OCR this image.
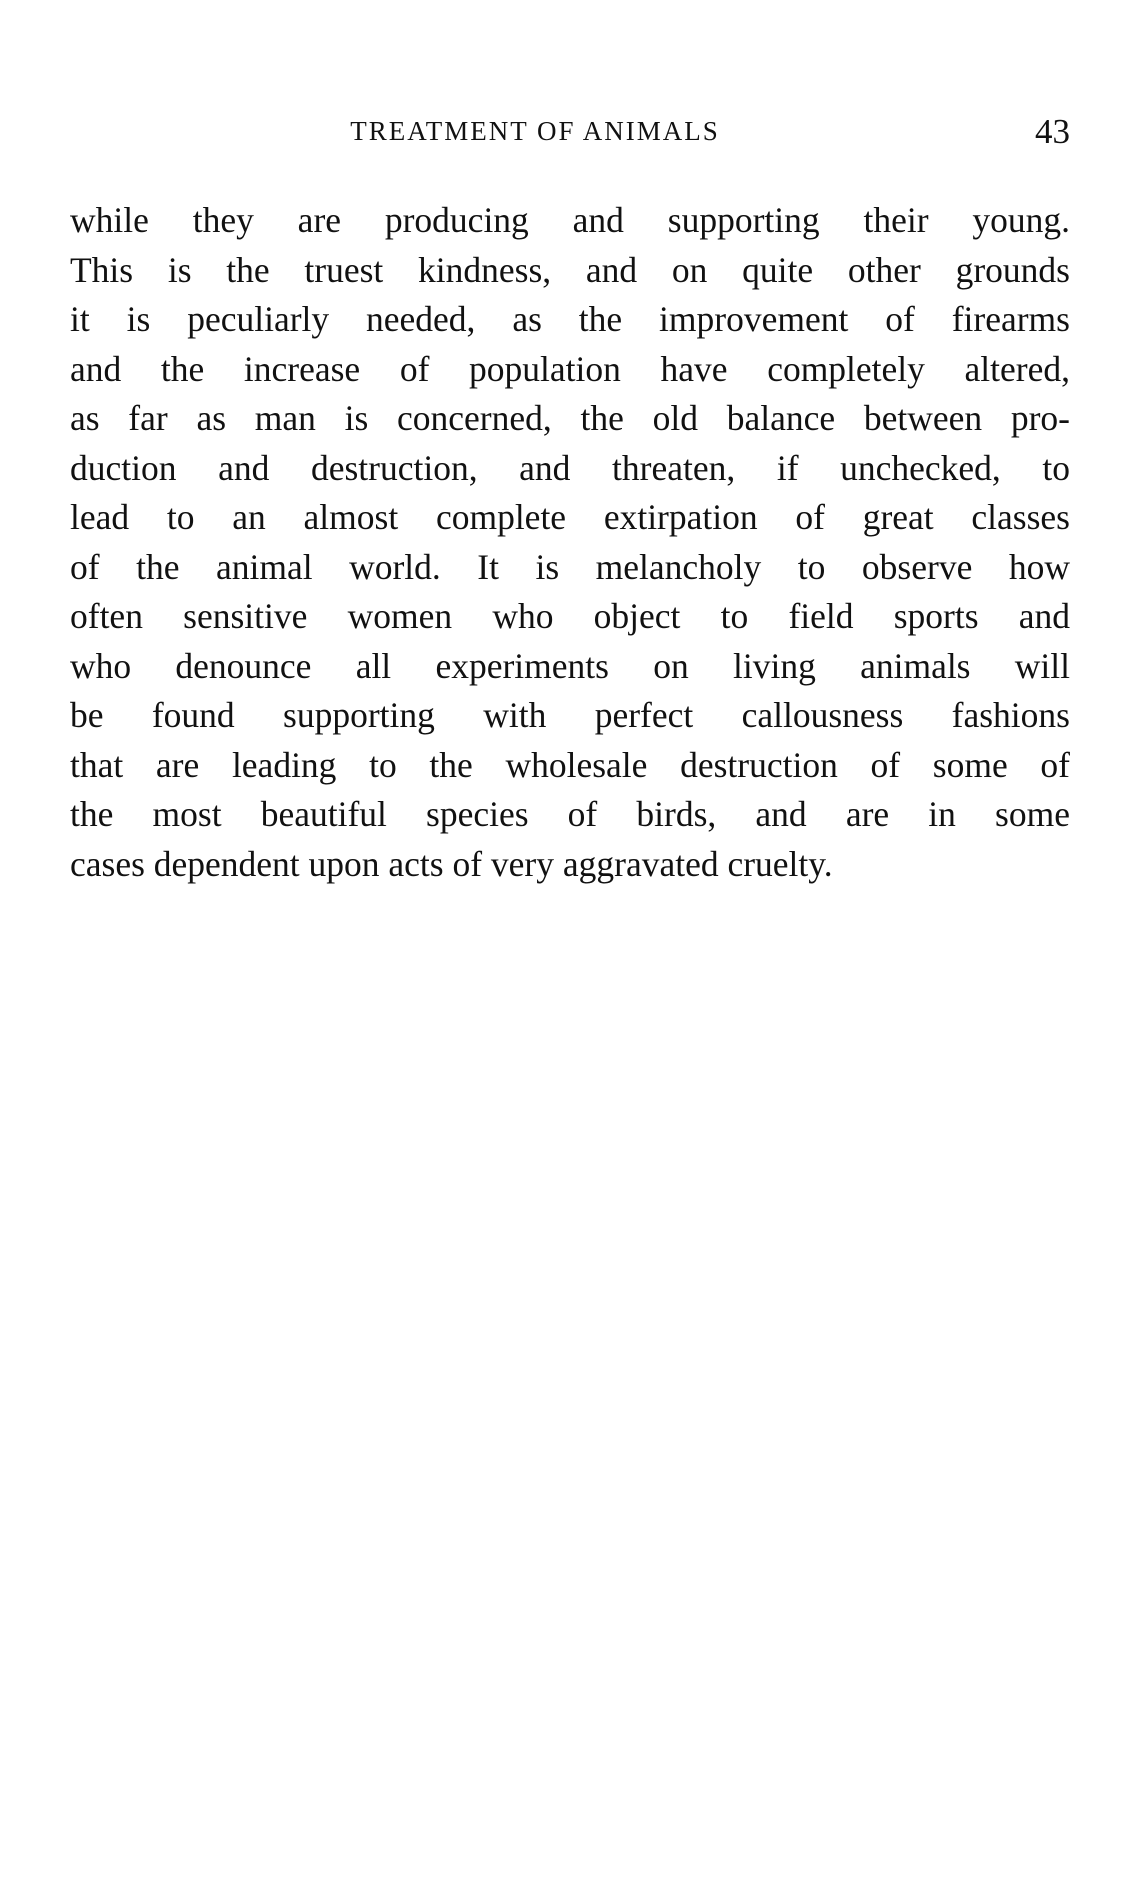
TREATMENT OF ANIMALS	43
while they are producing and supporting their young.
This is the truest kindness, and on quite other grounds
it is peculiarly needed, as the improvement of firearms
and the increase of population have completely altered,
as far as man is concerned, the old balance between pro-
duction and destruction, and threaten, if unchecked, to
lead to an almost complete extirpation of great classes
of the animal world. It is melancholy to observe how
often sensitive women who object to field sports and
who denounce all experiments on living animals will
be found supporting with perfect callousness fashions
that are leading to the wholesale destruction of some of
the most beautiful species of birds, and are in some
cases dependent upon acts of very aggravated cruelty.
